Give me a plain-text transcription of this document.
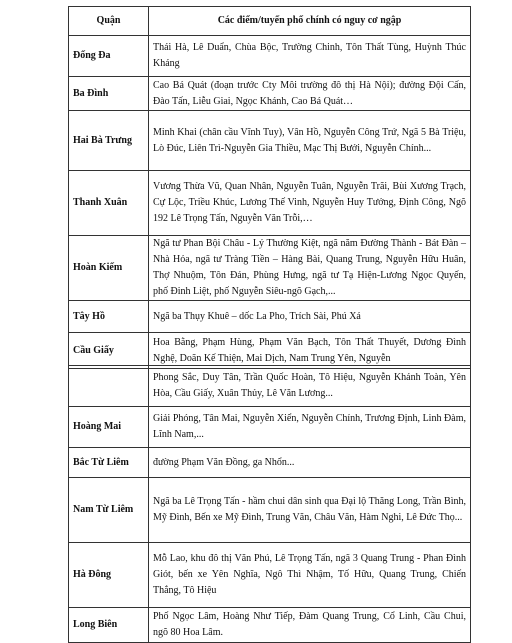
Quận	Các điểm/tuyến phố chính có nguy cơ ngập
Đống Đa	Thái Hà, Lê Duẩn, Chùa Bộc, Trường Chinh, Tôn Thất Tùng, Huỳnh Thúc Kháng
Ba Đình	Cao Bá Quát (đoạn trước Cty Môi trường đô thị Hà Nội); đường Đội Cấn, Đào Tấn, Liễu Giai, Ngọc Khánh, Cao Bá Quát…
Hai Bà Trưng	Minh Khai (chân cầu Vĩnh Tuy), Vân Hồ, Nguyễn Công Trứ, Ngã 5 Bà Triệu, Lò Đúc, Liên Trì-Nguyễn Gia Thiều, Mạc Thị Bưởi, Nguyễn Chính...
Thanh Xuân	Vương Thừa Vũ, Quan Nhân, Nguyễn Tuân, Nguyễn Trãi, Bùi Xương Trạch, Cự Lộc, Triều Khúc, Lương Thế Vinh, Nguyễn Huy Tưởng, Định Công, Ngõ 192 Lê Trọng Tấn, Nguyễn Văn Trỗi,…
Hoàn Kiếm	Ngã tư Phan Bội Châu - Lý Thường Kiệt, ngã năm Đường Thành - Bát Đàn – Nhà Hỏa, ngã tư Tràng Tiền – Hàng Bài, Quang Trung, Nguyễn Hữu Huân, Thợ Nhuộm, Tôn Đản, Phùng Hưng, ngã tư Tạ Hiện-Lương Ngọc Quyến, phố Đinh Liệt, phố Nguyễn Siêu-ngõ Gạch,...
Tây Hồ	Ngã ba Thụy Khuê – dốc La Pho, Trích Sài, Phú Xá
Cầu Giấy	Hoa Bằng, Phạm Hùng, Phạm Văn Bạch, Tôn Thất Thuyết, Dương Đình Nghệ, Doãn Kế Thiện, Mai Dịch, Nam Trung Yên, Nguyễn
	Phong Sắc, Duy Tân, Trần Quốc Hoàn, Tô Hiệu, Nguyễn Khánh Toàn, Yên Hòa, Cầu Giấy, Xuân Thủy, Lê Văn Lương...
Hoàng Mai	Giải Phóng, Tân Mai, Nguyễn Xiển, Nguyễn Chính, Trương Định, Linh Đàm, Lĩnh Nam,...
Bắc Từ Liêm	đường Phạm Văn Đồng, ga Nhổn...
Nam Từ Liêm	Ngã ba Lê Trọng Tấn - hầm chui dân sinh qua Đại lộ Thăng Long, Trần Bình, Mỹ Đình, Bến xe Mỹ Đình, Trung Văn, Châu Văn, Hàm Nghi, Lê Đức Thọ...
Hà Đông	Mỗ Lao, khu đô thị Văn Phú, Lê Trọng Tấn, ngã 3 Quang Trung - Phan Đình Giót, bến xe Yên Nghĩa, Ngô Thì Nhậm, Tố Hữu, Quang Trung, Chiến Thắng, Tô Hiệu
Long Biên	Phố Ngọc Lâm, Hoàng Như Tiếp, Đàm Quang Trung, Cổ Linh, Cầu Chui, ngõ 80 Hoa Lâm.
